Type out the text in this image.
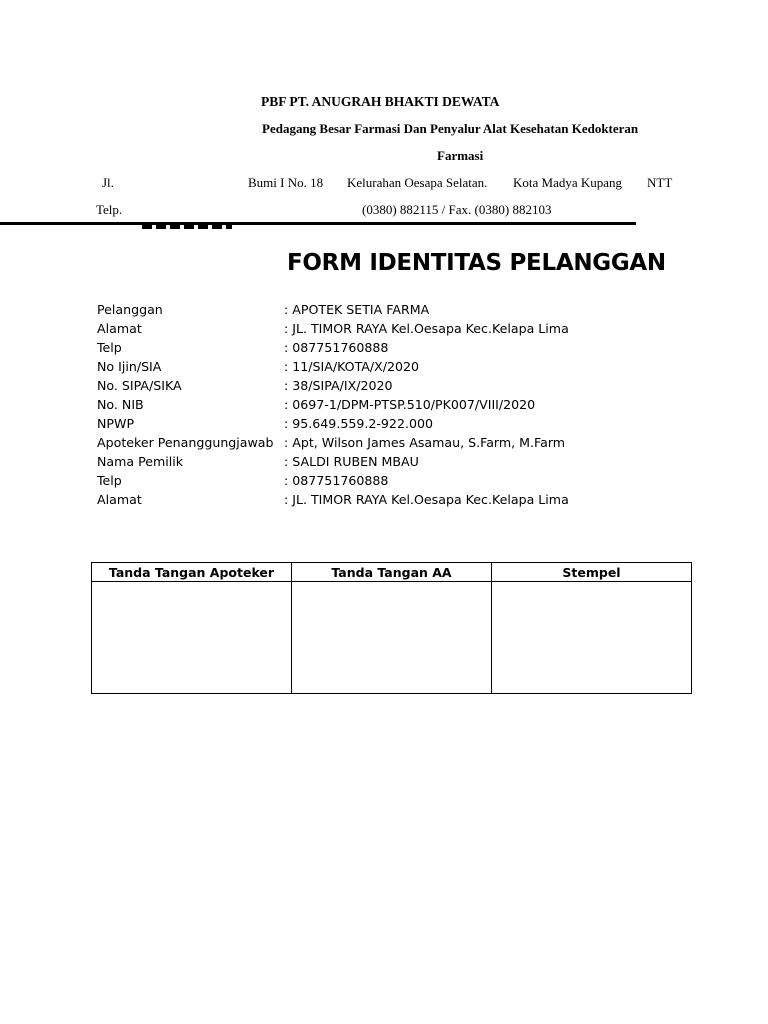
PBF PT. ANUGRAH BHAKTI DEWATA
Pedagang Besar Farmasi Dan Penyalur Alat Kesehatan Kedokteran
Farmasi
Jl.	Bumi I No. 18 Kelurahan Oesapa Selatan. Kota Madya Kupang NTT
Telp.	(0380) 882115 / Fax. (0380) 882103
FORM IDENTITAS PELANGGAN
Pelanggan	: APOTEK SETIA FARMA
Alamat	: JL. TIMOR RAYA Kel.Oesapa Kec.Kelapa Lima
Telp	: 087751760888
No Ijin/SIA	: 11/SIA/KOTA/X/2020
No. SIPA/SIKA	: 38/SIPA/IX/2020
No. NIB	: 0697-1/DPM-PTSP.510/PK007/VIII/2020
NPWP	: 95.649.559.2-922.000
Apoteker Penanggungjawab	: Apt, Wilson James Asamau, S.Farm, M.Farm
Nama Pemilik	: SALDI RUBEN MBAU
Telp	: 087751760888
Alamat	: JL. TIMOR RAYA Kel.Oesapa Kec.Kelapa Lima
Tanda Tangan Apoteker	Tanda Tangan AA	Stempel
